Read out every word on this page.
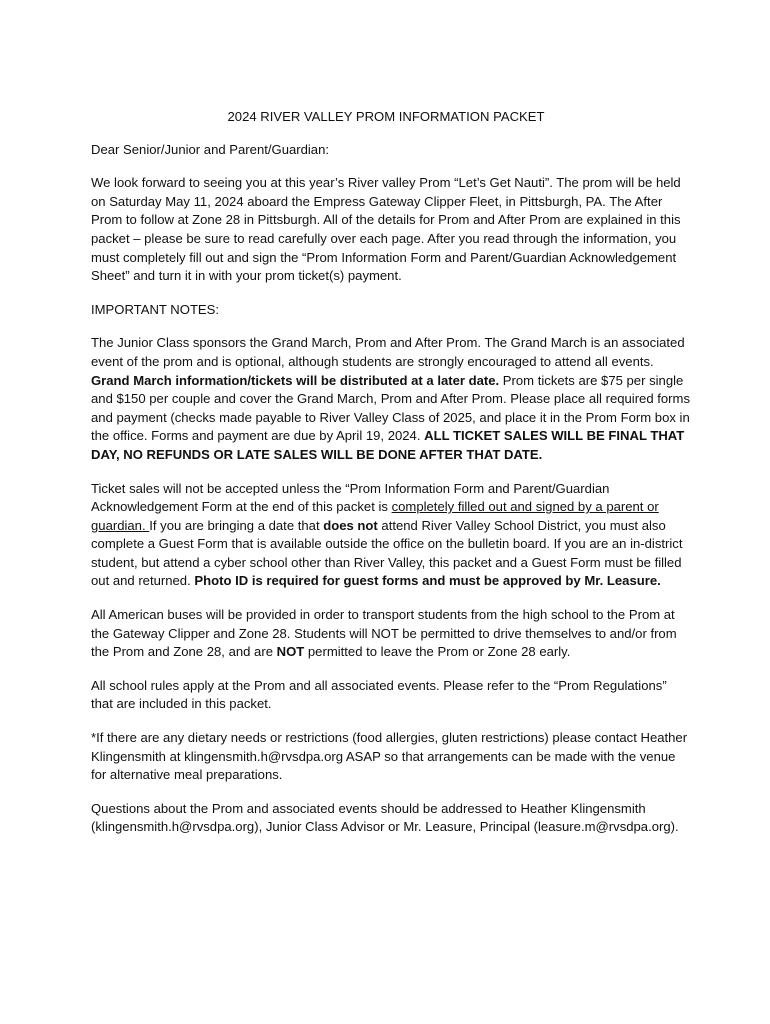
2024 RIVER VALLEY PROM INFORMATION PACKET

Dear Senior/Junior and Parent/Guardian:

We look forward to seeing you at this year’s River valley Prom “Let’s Get Nauti”. The prom will be held on Saturday May 11, 2024 aboard the Empress Gateway Clipper Fleet, in Pittsburgh, PA. The After Prom to follow at Zone 28 in Pittsburgh. All of the details for Prom and After Prom are explained in this packet – please be sure to read carefully over each page. After you read through the information, you must completely fill out and sign the “Prom Information Form and Parent/Guardian Acknowledgement Sheet” and turn it in with your prom ticket(s) payment.

IMPORTANT NOTES:

The Junior Class sponsors the Grand March, Prom and After Prom. The Grand March is an associated event of the prom and is optional, although students are strongly encouraged to attend all events. Grand March information/tickets will be distributed at a later date. Prom tickets are $75 per single and $150 per couple and cover the Grand March, Prom and After Prom. Please place all required forms and payment (checks made payable to River Valley Class of 2025, and place it in the Prom Form box in the office. Forms and payment are due by April 19, 2024. ALL TICKET SALES WILL BE FINAL THAT DAY, NO REFUNDS OR LATE SALES WILL BE DONE AFTER THAT DATE.

Ticket sales will not be accepted unless the “Prom Information Form and Parent/Guardian Acknowledgement Form at the end of this packet is completely filled out and signed by a parent or guardian. If you are bringing a date that does not attend River Valley School District, you must also complete a Guest Form that is available outside the office on the bulletin board. If you are an in-district student, but attend a cyber school other than River Valley, this packet and a Guest Form must be filled out and returned. Photo ID is required for guest forms and must be approved by Mr. Leasure.

All American buses will be provided in order to transport students from the high school to the Prom at the Gateway Clipper and Zone 28. Students will NOT be permitted to drive themselves to and/or from the Prom and Zone 28, and are NOT permitted to leave the Prom or Zone 28 early.

All school rules apply at the Prom and all associated events. Please refer to the “Prom Regulations” that are included in this packet.

*If there are any dietary needs or restrictions (food allergies, gluten restrictions) please contact Heather Klingensmith at klingensmith.h@rvsdpa.org ASAP so that arrangements can be made with the venue for alternative meal preparations.

Questions about the Prom and associated events should be addressed to Heather Klingensmith (klingensmith.h@rvsdpa.org), Junior Class Advisor or Mr. Leasure, Principal (leasure.m@rvsdpa.org).
